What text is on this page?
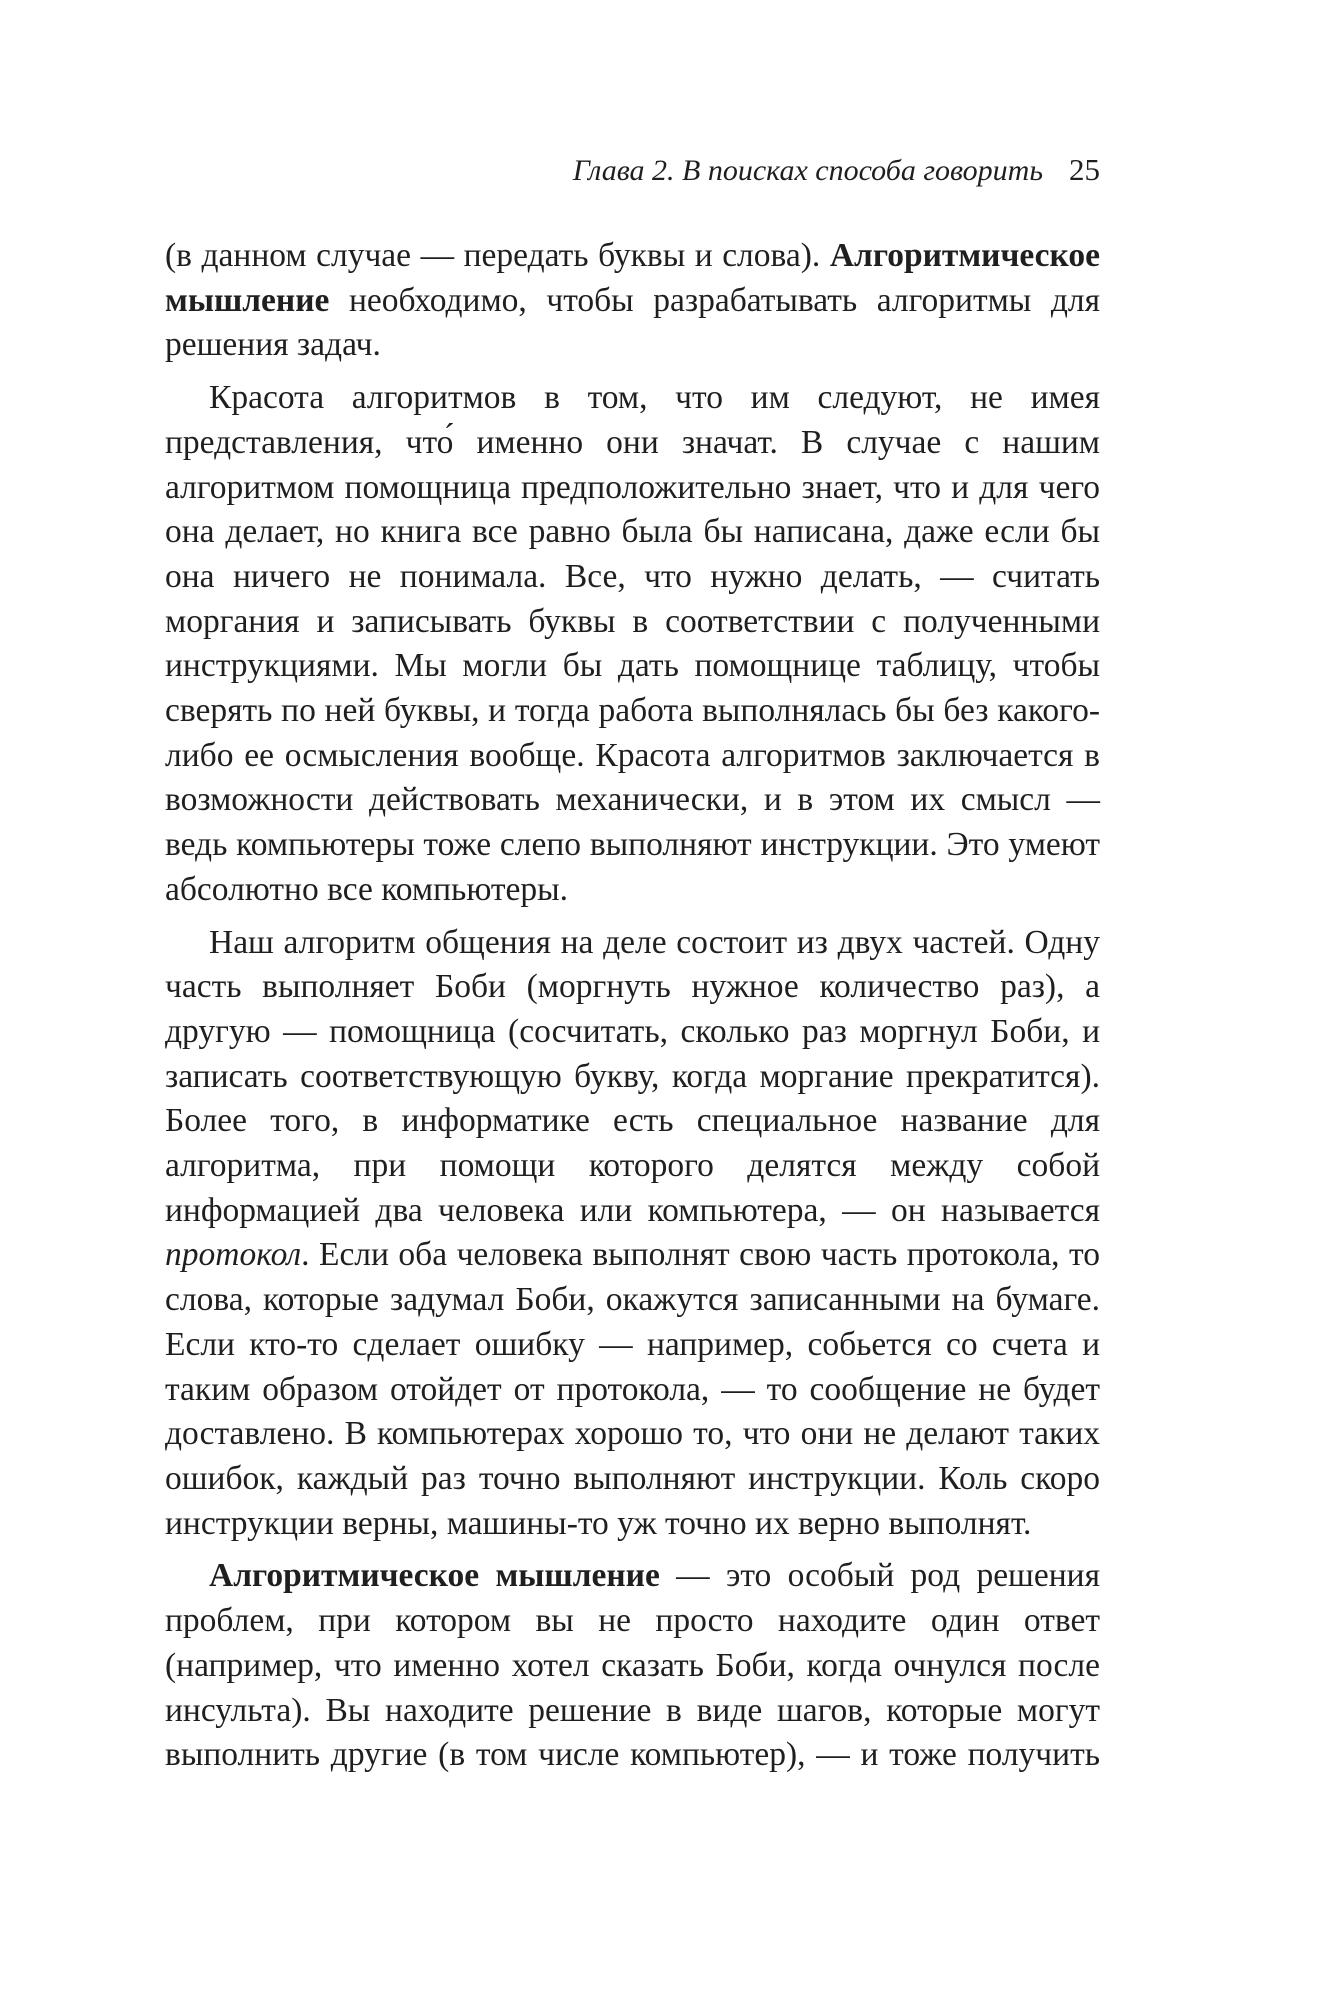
Глава 2. В поисках способа говорить 25

(в данном случае — передать буквы и слова). Алгоритмическое мышление необходимо, чтобы разрабатывать алгоритмы для решения задач.

Красота алгоритмов в том, что им следуют, не имея представления, что́ именно они значат. В случае с нашим алгоритмом помощница предположительно знает, что и для чего она делает, но книга все равно была бы написана, даже если бы она ничего не понимала. Все, что нужно делать, — считать моргания и записывать буквы в соответствии с полученными инструкциями. Мы могли бы дать помощнице таблицу, чтобы сверять по ней буквы, и тогда работа выполнялась бы без какого-либо ее осмысления вообще. Красота алгоритмов заключается в возможности действовать механически, и в этом их смысл — ведь компьютеры тоже слепо выполняют инструкции. Это умеют абсолютно все компьютеры.

Наш алгоритм общения на деле состоит из двух частей. Одну часть выполняет Боби (моргнуть нужное количество раз), а другую — помощница (сосчитать, сколько раз моргнул Боби, и записать соответствующую букву, когда моргание прекратится). Более того, в информатике есть специальное название для алгоритма, при помощи которого делятся между собой информацией два человека или компьютера, — он называется протокол. Если оба человека выполнят свою часть протокола, то слова, которые задумал Боби, окажутся записанными на бумаге. Если кто-то сделает ошибку — например, собьется со счета и таким образом отойдет от протокола, — то сообщение не будет доставлено. В компьютерах хорошо то, что они не делают таких ошибок, каждый раз точно выполняют инструкции. Коль скоро инструкции верны, машины-то уж точно их верно выполнят.

Алгоритмическое мышление — это особый род решения проблем, при котором вы не просто находите один ответ (например, что именно хотел сказать Боби, когда очнулся после инсульта). Вы находите решение в виде шагов, которые могут выполнить другие (в том числе компьютер), — и тоже получить
